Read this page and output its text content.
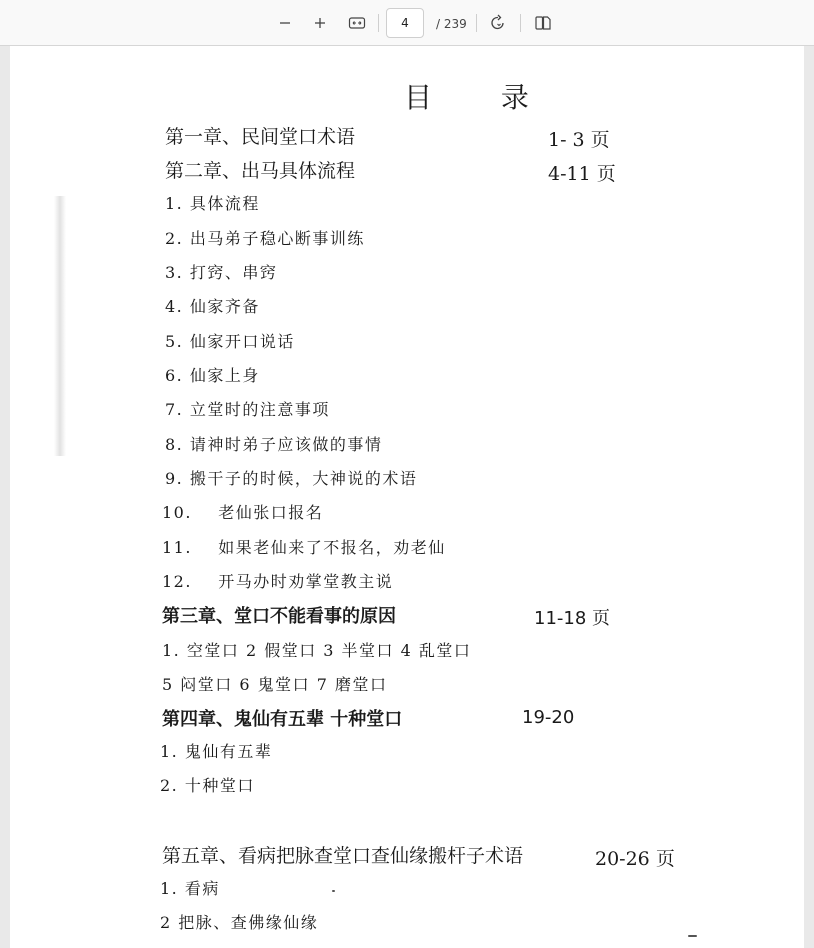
4
/ 239
目 录
第一章、民间堂口术语	1- 3 页
第二章、出马具体流程	4-11 页
1. 具体流程
2. 出马弟子稳心断事训练
3. 打窍、串窍
4. 仙家齐备
5. 仙家开口说话
6. 仙家上身
7. 立堂时的注意事项
8. 请神时弟子应该做的事情
9. 搬干子的时候，大神说的术语
10.    老仙张口报名
11.    如果老仙来了不报名，劝老仙
12.    开马办时劝掌堂教主说
第三章、堂口不能看事的原因	11-18 页
1. 空堂口 2 假堂口 3 半堂口 4 乱堂口
5 闷堂口 6 鬼堂口 7 磨堂口
第四章、鬼仙有五辈 十种堂口	19-20
1. 鬼仙有五辈
2. 十种堂口
第五章、看病把脉查堂口查仙缘搬杆子术语	20-26 页
1. 看病
2 把脉、查佛缘仙缘
